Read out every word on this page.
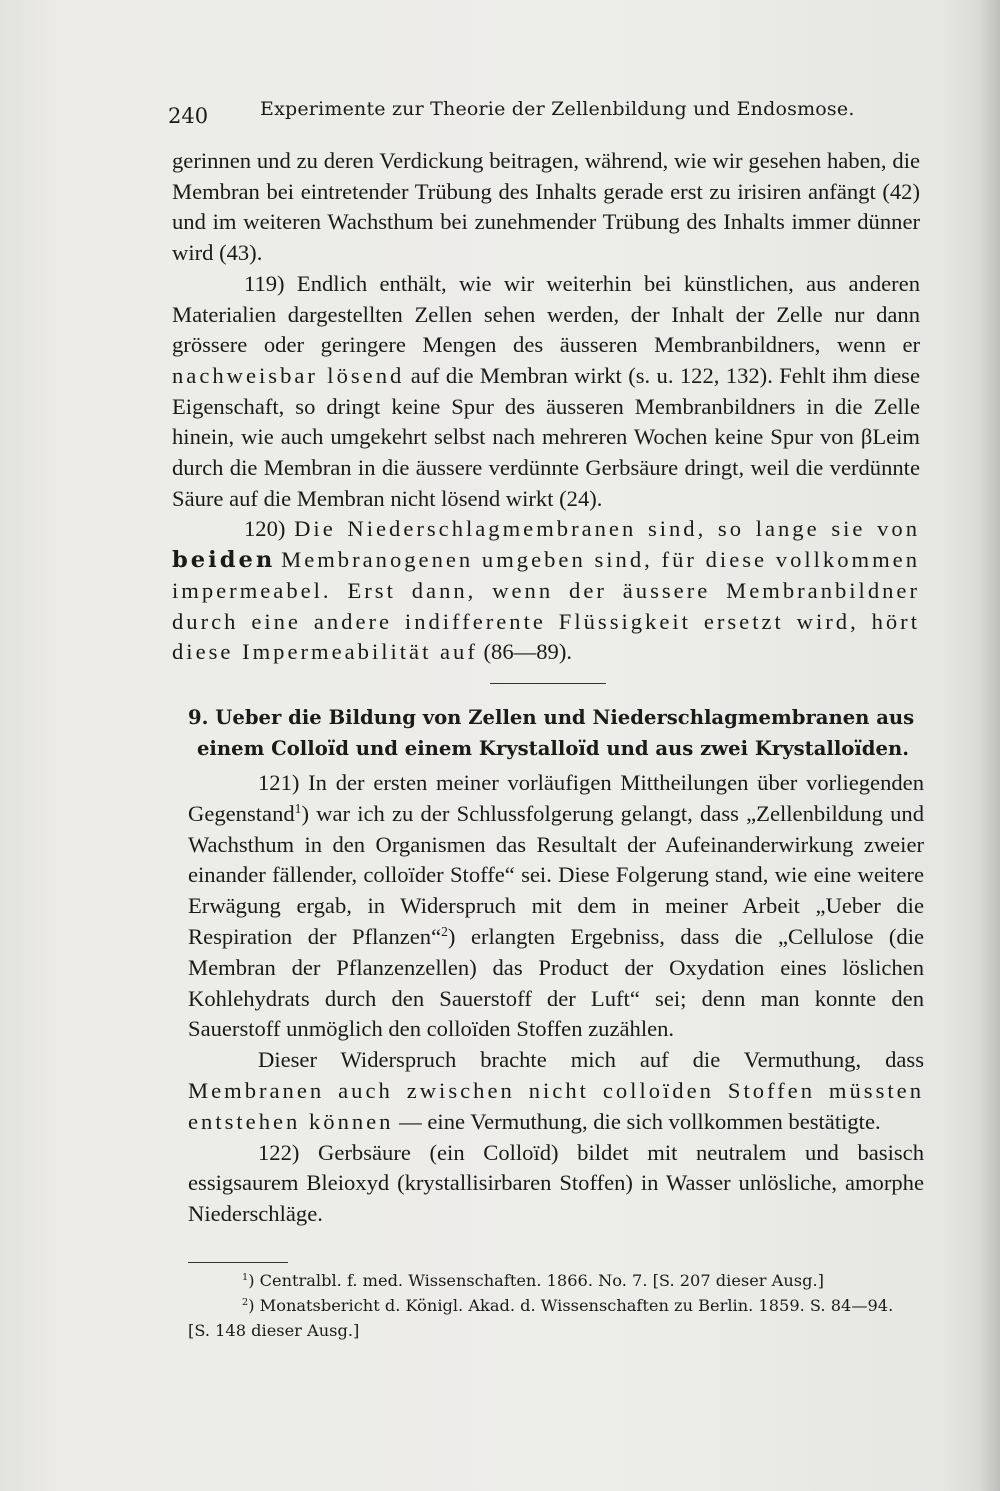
240	Experimente zur Theorie der Zellenbildung und Endosmose.

gerinnen und zu deren Verdickung beitragen, während, wie wir gesehen haben, die Membran bei eintretender Trübung des Inhalts gerade erst zu irisiren anfängt (42) und im weiteren Wachsthum bei zunehmender Trübung des Inhalts immer dünner wird (43).

119) Endlich enthält, wie wir weiterhin bei künstlichen, aus anderen Materialien dargestellten Zellen sehen werden, der Inhalt der Zelle nur dann grössere oder geringere Mengen des äusseren Membranbildners, wenn er nachweisbar lösend auf die Membran wirkt (s. u. 122, 132). Fehlt ihm diese Eigenschaft, so dringt keine Spur des äusseren Membranbildners in die Zelle hinein, wie auch umgekehrt selbst nach mehreren Wochen keine Spur von βLeim durch die Membran in die äussere verdünnte Gerbsäure dringt, weil die verdünnte Säure auf die Membran nicht lösend wirkt (24).

120) Die Niederschlagmembranen sind, so lange sie von beiden Membranogenen umgeben sind, für diese vollkommen impermeabel. Erst dann, wenn der äussere Membranbildner durch eine andere indifferente Flüssigkeit ersetzt wird, hört diese Impermeabilität auf (86—89).

9. Ueber die Bildung von Zellen und Niederschlagmembranen aus
einem Colloïd und einem Krystalloïd und aus zwei Krystalloïden.

121) In der ersten meiner vorläufigen Mittheilungen über vorliegenden Gegenstand$^1$) war ich zu der Schlussfolgerung gelangt, dass „Zellenbildung und Wachsthum in den Organismen das Resultalt der Aufeinanderwirkung zweier einander fällender, colloïder Stoffe“ sei. Diese Folgerung stand, wie eine weitere Erwägung ergab, in Widerspruch mit dem in meiner Arbeit „Ueber die Respiration der Pflanzen“$^2$) erlangten Ergebniss, dass die „Cellulose (die Membran der Pflanzenzellen) das Product der Oxydation eines löslichen Kohlehydrats durch den Sauerstoff der Luft“ sei; denn man konnte den Sauerstoff unmöglich den colloïden Stoffen zuzählen.

Dieser Widerspruch brachte mich auf die Vermuthung, dass Membranen auch zwischen nicht colloïden Stoffen müssten entstehen können — eine Vermuthung, die sich vollkommen bestätigte.

122) Gerbsäure (ein Colloïd) bildet mit neutralem und basisch essigsaurem Bleioxyd (krystallisirbaren Stoffen) in Wasser unlösliche, amorphe Niederschläge.

$^1$) Centralbl. f. med. Wissenschaften. 1866. No. 7. [S. 207 dieser Ausg.]
$^2$) Monatsbericht d. Königl. Akad. d. Wissenschaften zu Berlin. 1859. S. 84—94.
[S. 148 dieser Ausg.]
